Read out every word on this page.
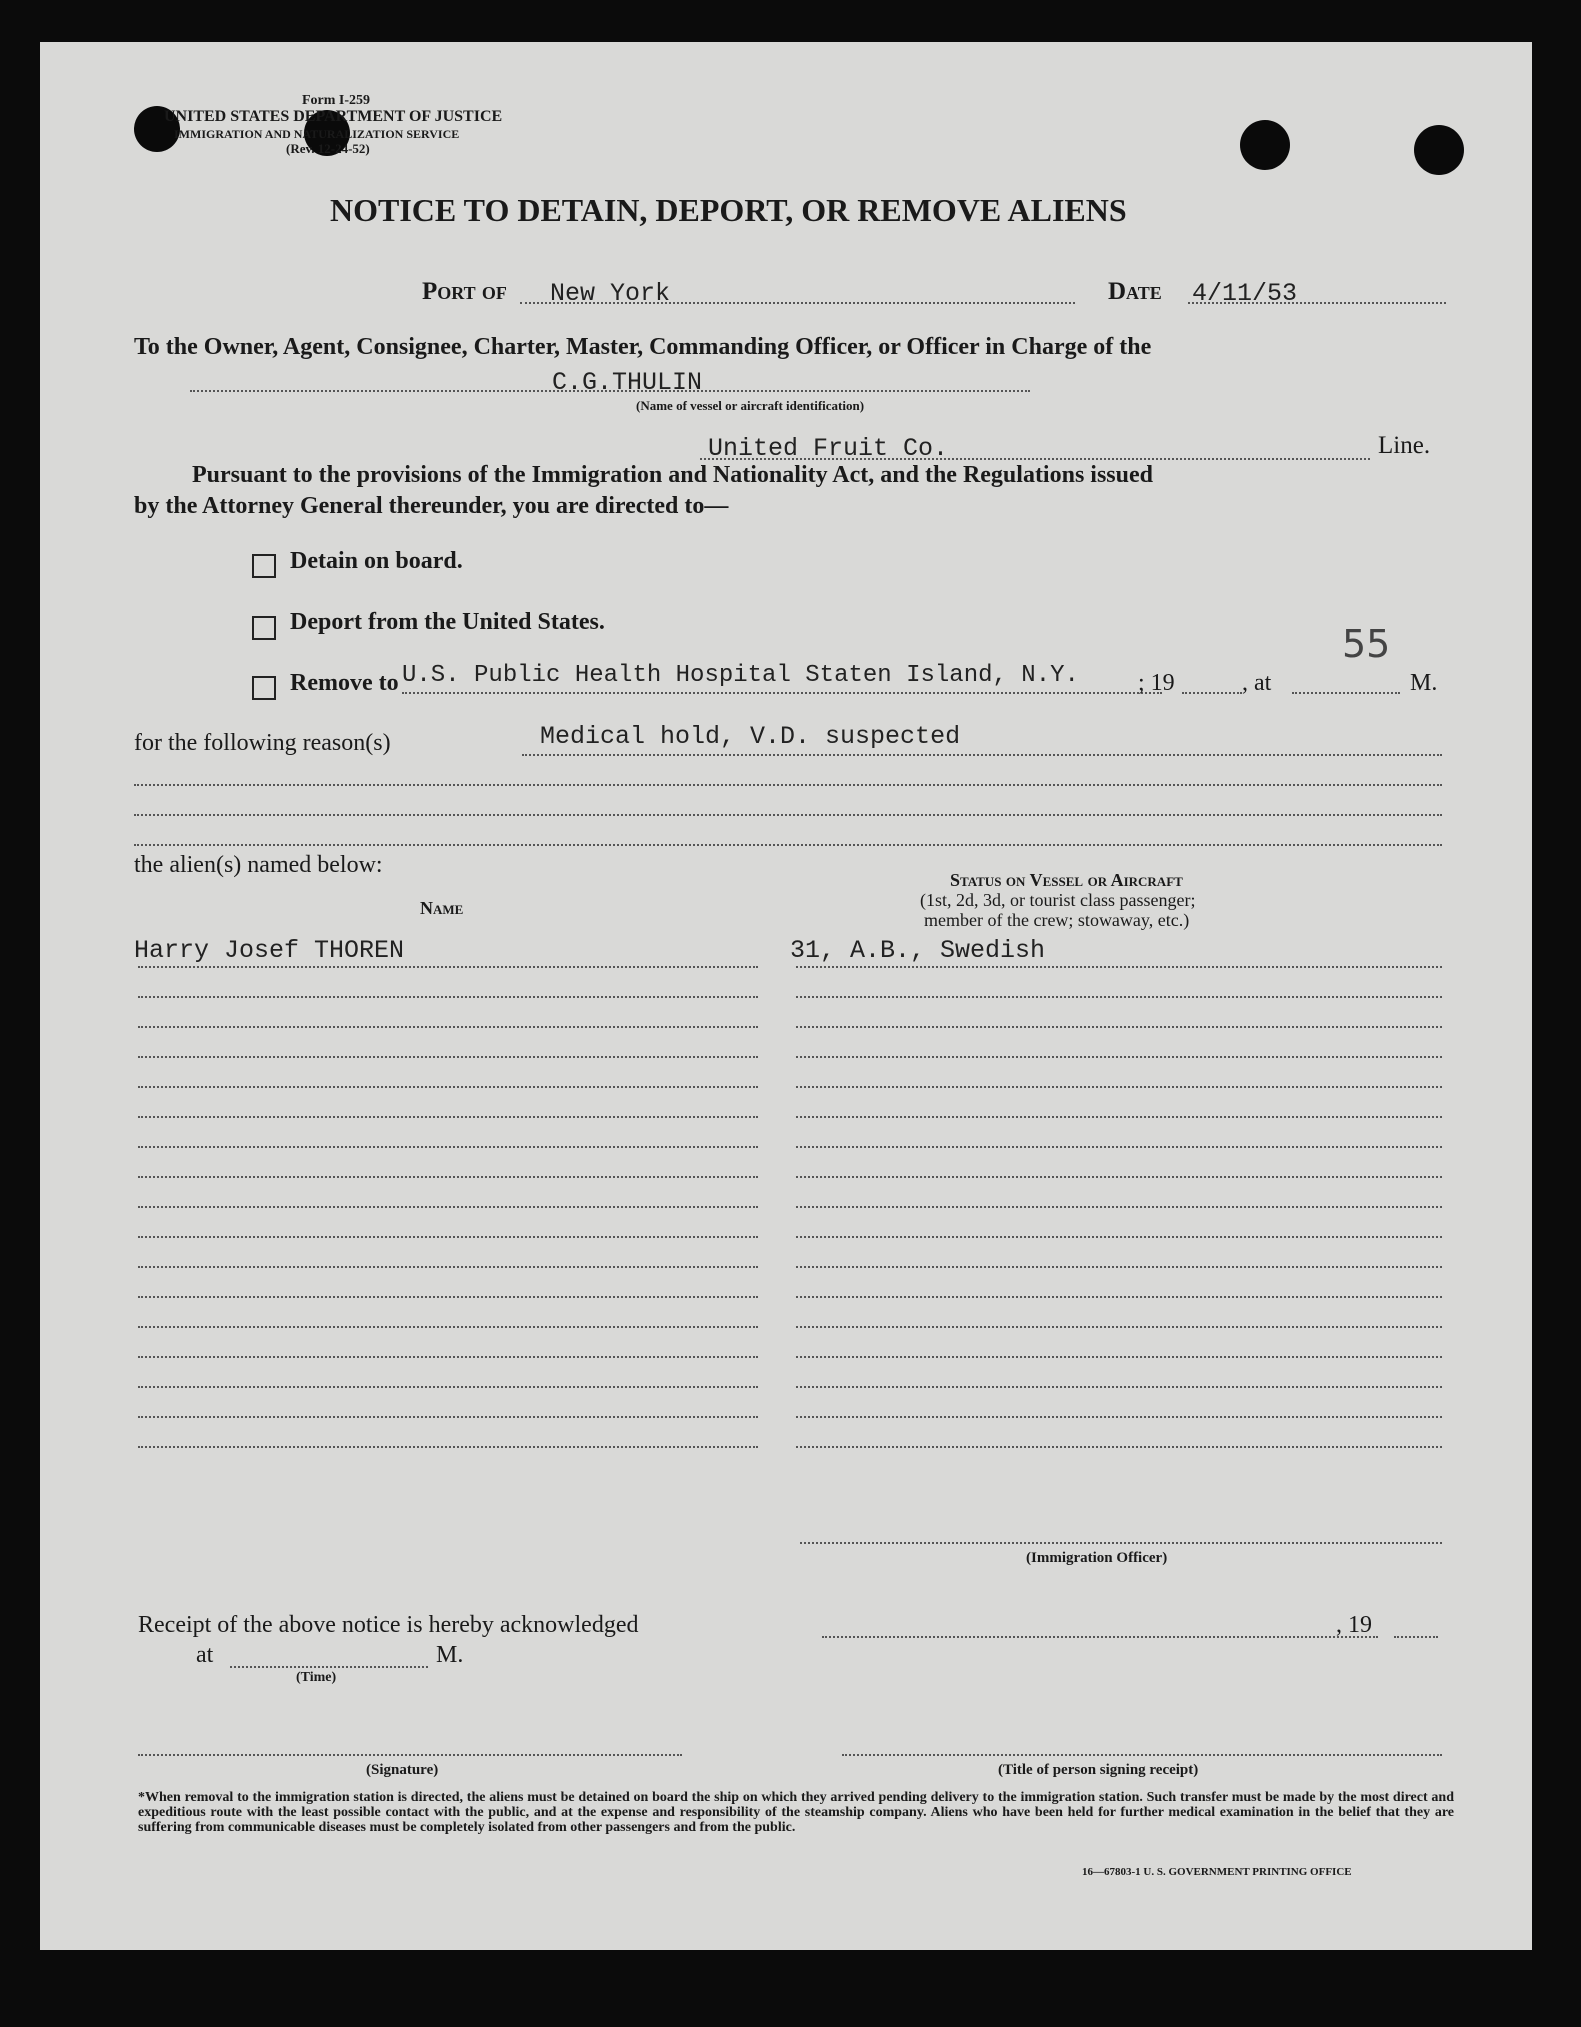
Form I-259
UNITED STATES DEPARTMENT OF JUSTICE
IMMIGRATION AND NATURALIZATION SERVICE
(Rev. 12-24-52)
NOTICE TO DETAIN, DEPORT, OR REMOVE ALIENS
Port of New York	Date 4/11/53
To the Owner, Agent, Consignee, Charter, Master, Commanding Officer, or Officer in Charge of the
C.G.THULIN
(Name of vessel or aircraft identification)
United Fruit Co.	Line.
Pursuant to the provisions of the Immigration and Nationality Act, and the Regulations issued
by the Attorney General thereunder, you are directed to—
Detain on board.
Deport from the United States.
Remove to U.S. Public Health Hospital Staten Island, N.Y. ; 19	, at	M.
55
for the following reason(s)	Medical hold, V.D. suspected
the alien(s) named below:
Name
Status on Vessel or Aircraft
(1st, 2d, 3d, or tourist class passenger;
member of the crew; stowaway, etc.)
Harry Josef THOREN	31, A.B., Swedish
(Immigration Officer)
Receipt of the above notice is hereby acknowledged	, 19
at	M.
(Time)
(Signature)	(Title of person signing receipt)
*When removal to the immigration station is directed, the aliens must be detained on board the ship on which they arrived pending delivery to the immigration station. Such transfer must be made by the most direct and expeditious route with the least possible contact with the public, and at the expense and responsibility of the steamship company. Aliens who have been held for further medical examination in the belief that they are suffering from communicable diseases must be completely isolated from other passengers and from the public.
16—67803-1 U. S. GOVERNMENT PRINTING OFFICE
